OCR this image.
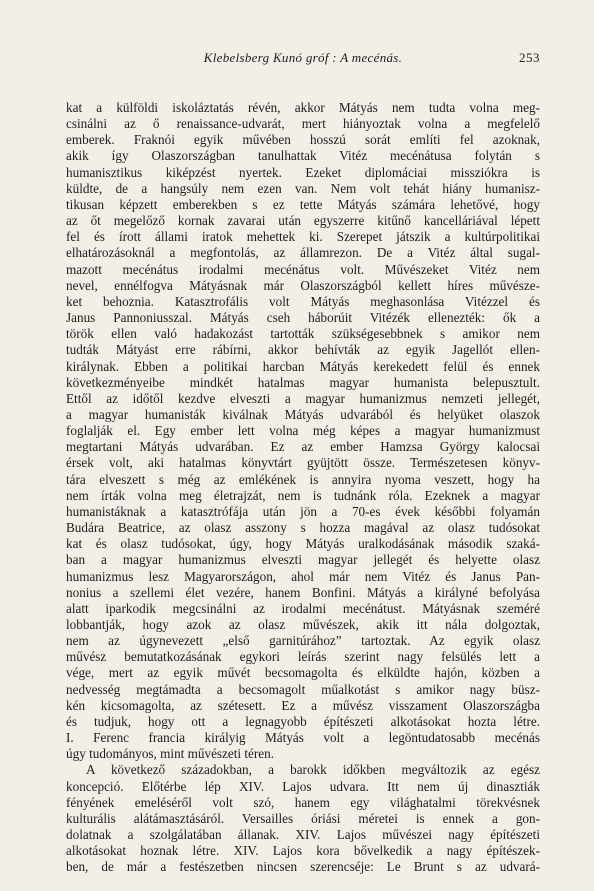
Klebelsberg Kunó gróf : A mecénás.	253
kat a külföldi iskoláztatás révén, akkor Mátyás nem tudta volna meg-
csinálni az ő renaissance-udvarát, mert hiányoztak volna a megfelelő
emberek. Fraknói egyik művében hosszú sorát említi fel azoknak,
akik így Olaszországban tanulhattak Vitéz mecénátusa folytán s
humanisztikus kiképzést nyertek. Ezeket diplomáciai missziókra is
küldte, de a hangsúly nem ezen van. Nem volt tehát hiány humanisz-
tikusan képzett emberekben s ez tette Mátyás számára lehetővé, hogy
az őt megelőző kornak zavarai után egyszerre kitűnő kancelláriával lépett
fel és írott állami iratok mehettek ki. Szerepet játszik a kultúrpolitikai
elhatározásoknál a megfontolás, az államrezon. De a Vitéz által sugal-
mazott mecénátus irodalmi mecénátus volt. Művészeket Vitéz nem
nevel, ennélfogva Mátyásnak már Olaszországból kellett híres művésze-
ket behoznia. Katasztrofális volt Mátyás meghasonlása Vitézzel és
Janus Pannoniusszal. Mátyás cseh háborúit Vitézék ellenezték: ők a
török ellen való hadakozást tartották szükségesebbnek s amikor nem
tudták Mátyást erre rábírni, akkor behívták az egyik Jagellót ellen-
királynak. Ebben a politikai harcban Mátyás kerekedett felül és ennek
következményeibe mindkét hatalmas magyar humanista belepusztult.
Ettől az időtől kezdve elveszti a magyar humanizmus nemzeti jellegét,
a magyar humanisták kiválnak Mátyás udvarából és helyüket olaszok
foglalják el. Egy ember lett volna még képes a magyar humanizmust
megtartani Mátyás udvarában. Ez az ember Hamzsa György kalocsai
érsek volt, aki hatalmas könyvtárt gyüjtött össze. Természetesen könyv-
tára elveszett s még az emlékének is annyira nyoma veszett, hogy ha
nem írták volna meg életrajzát, nem is tudnánk róla. Ezeknek a magyar
humanistáknak a katasztrófája után jön a 70-es évek későbbi folyamán
Budára Beatrice, az olasz asszony s hozza magával az olasz tudósokat
kat és olasz tudósokat, úgy, hogy Mátyás uralkodásának második szaká-
ban a magyar humanizmus elveszti magyar jellegét és helyette olasz
humanizmus lesz Magyarországon, ahol már nem Vitéz és Janus Pan-
nonius a szellemi élet vezére, hanem Bonfini. Mátyás a királyné befolyása
alatt iparkodik megcsinálni az irodalmi mecénátust. Mátyásnak szeméré
lobbantják, hogy azok az olasz művészek, akik itt nála dolgoztak,
nem az úgynevezett „első garnitúrához” tartoztak. Az egyik olasz
művész bemutatkozásának egykori leírás szerint nagy felsülés lett a
vége, mert az egyik művét becsomagolta és elküldte hajón, közben a
nedvesség megtámadta a becsomagolt műalkotást s amikor nagy büsz-
kén kicsomagolta, az szétesett. Ez a művész visszament Olaszországba
és tudjuk, hogy ott a legnagyobb építészeti alkotásokat hozta létre.
I. Ferenc francia királyig Mátyás volt a legöntudatosabb mecénás
úgy tudományos, mint művészeti téren.
A következő századokban, a barokk időkben megváltozik az egész
koncepció. Előtérbe lép XIV. Lajos udvara. Itt nem új dinasztiák
fényének emeléséről volt szó, hanem egy világhatalmi törekvésnek
kulturális alátámasztásáról. Versailles óriási méretei is ennek a gon-
dolatnak a szolgálatában állanak. XIV. Lajos művészei nagy építészeti
alkotásokat hoznak létre. XIV. Lajos kora bővelkedik a nagy építészek-
ben, de már a festészetben nincsen szerencséje: Le Brunt s az udvará-
